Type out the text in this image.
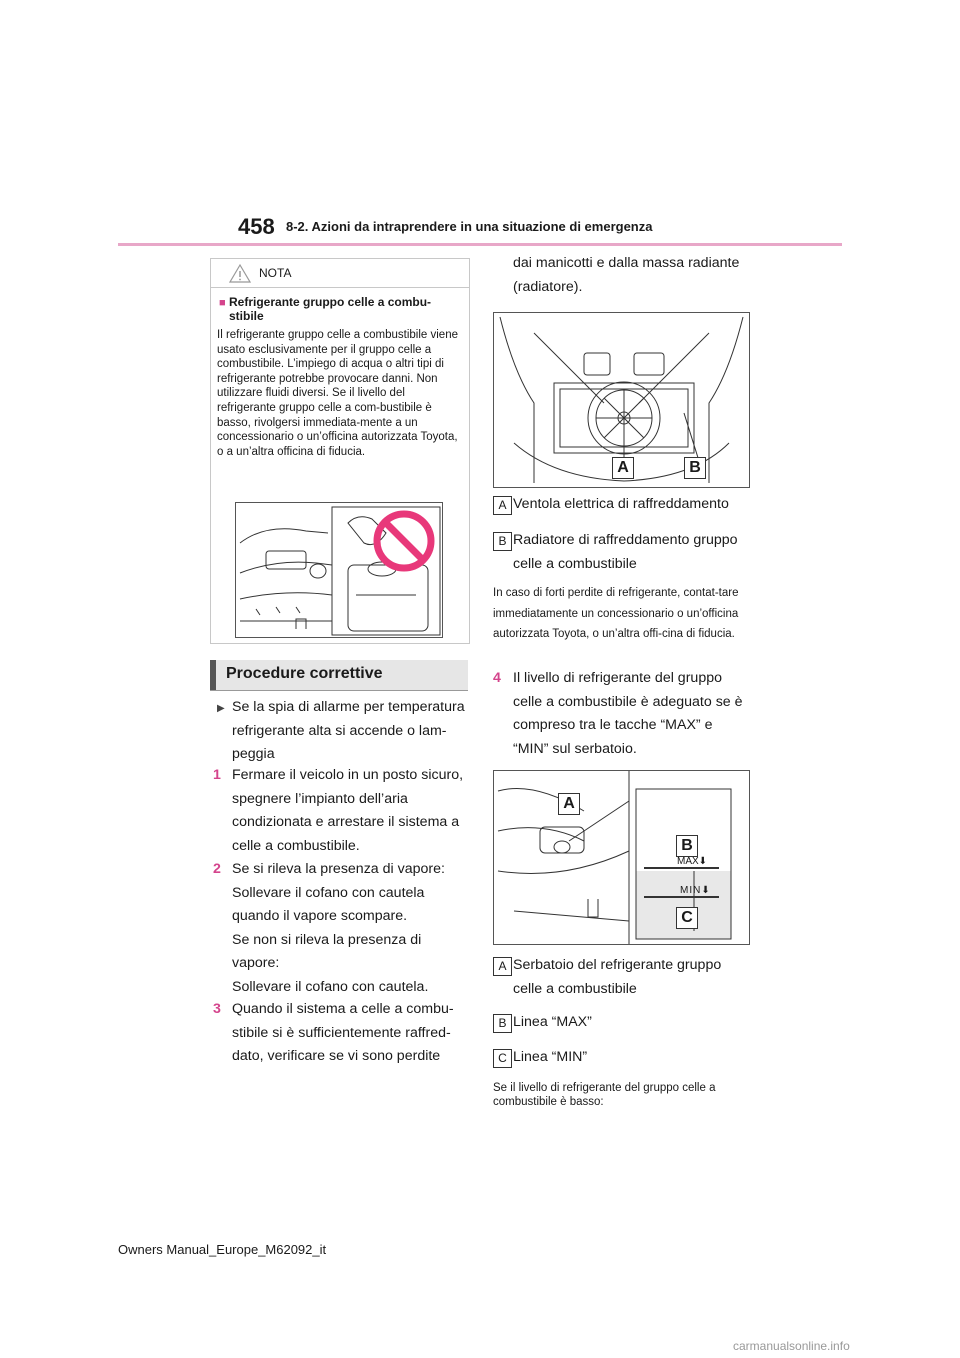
458 8-2. Azioni da intraprendere in una situazione di emergenza
NOTA
■ Refrigerante gruppo celle a combu-
stibile
Il refrigerante gruppo celle a combustibile viene usato esclusivamente per il gruppo celle a combustibile. L’impiego di acqua o altri tipi di refrigerante potrebbe provocare danni. Non utilizzare fluidi diversi. Se il livello del refrigerante gruppo celle a com-bustibile è basso, rivolgersi immediata-mente a un concessionario o un’officina autorizzata Toyota, o a un’altra officina di fiducia.
Procedure correttive
▶ Se la spia di allarme per temperatura refrigerante alta si accende o lam-peggia
1 Fermare il veicolo in un posto sicuro, spegnere l’impianto dell’aria condizionata e arrestare il sistema a celle a combustibile.
2 Se si rileva la presenza di vapore:
Sollevare il cofano con cautela quando il vapore scompare.
Se non si rileva la presenza di vapore:
Sollevare il cofano con cautela.
3 Quando il sistema a celle a combu-stibile si è sufficientemente raffred-dato, verificare se vi sono perdite
dai manicotti e dalla massa radiante (radiatore).
A	B
A Ventola elettrica di raffreddamento
B Radiatore di raffreddamento gruppo celle a combustibile
In caso di forti perdite di refrigerante, contat-tare immediatamente un concessionario o un’officina autorizzata Toyota, o un’altra offi-cina di fiducia.
4 Il livello di refrigerante del gruppo celle a combustibile è adeguato se è compreso tra le tacche “MAX” e “MIN” sul serbatoio.
A
B
C
MAX⬇
MIN⬇
A Serbatoio del refrigerante gruppo celle a combustibile
B Linea “MAX”
C Linea “MIN”
Se il livello di refrigerante del gruppo celle a combustibile è basso:
Owners Manual_Europe_M62092_it
carmanualsonline.info
